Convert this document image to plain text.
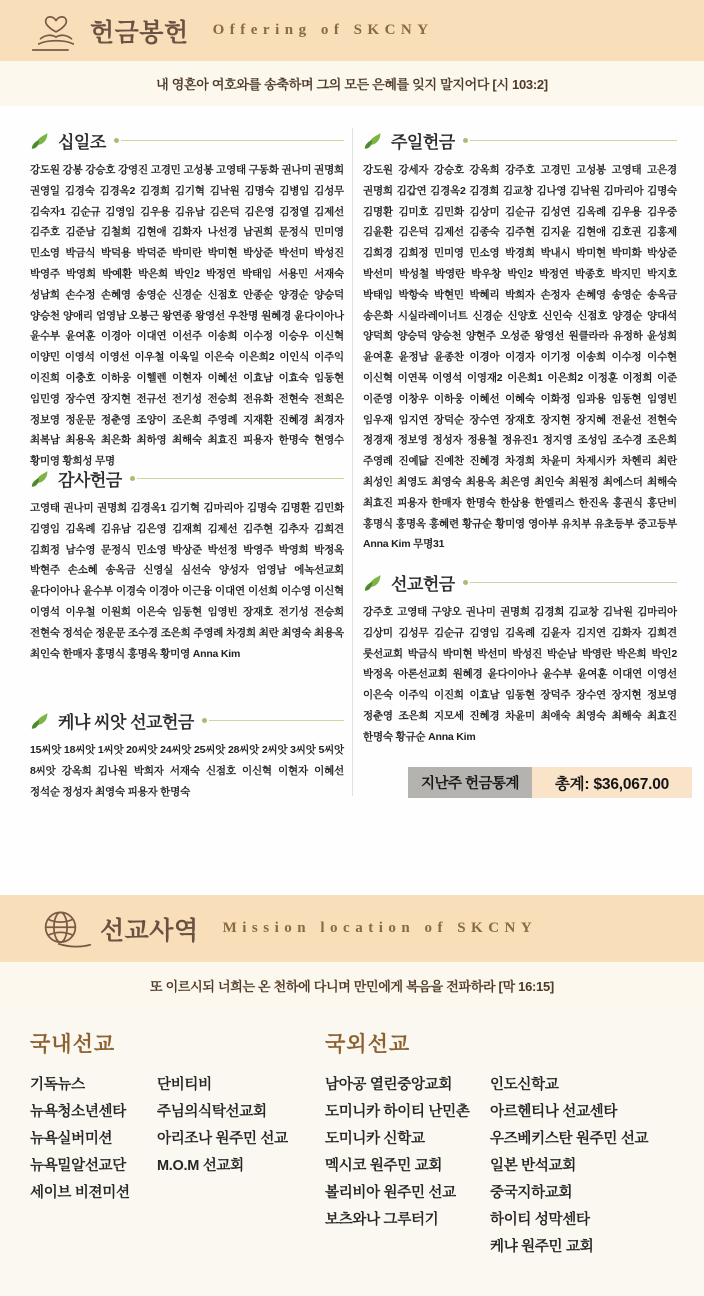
헌금봉헌 Offering of SKCNY
내 영혼아 여호와를 송축하며 그의 모든 은혜를 잊지 말지어다 [시 103:2]
십일조

강도원 강봉 강승호 강영진 고경민 고성봉 고영태 구동화 권나미 권명희 권영일 김경숙 김경옥2 김경희 김기혁 김낙원 김명숙 김병임 김성무 김숙자1 김순규 김영임 김우용 김유남 김은덕 김은영 김정열 김제선 김주호 김준남 김철희 김현애 김화자 나선경 남권희 문정식 민미영 민소영 박금식 박덕용 박덕준 박미란 박미현 박상준 박선미 박성진 박영주 박영희 박예환 박은희 박인2 박정연 박태임 서용민 서재숙 성남희 손수정 손혜영 송영순 신경순 신점호 안종순 양경순 양승덕 양승천 양애리 엄영남 오봉근 왕연종 왕영선 우찬명 원혜경 윤다이아나 윤수부 윤여훈 이경아 이대연 이선주 이송희 이수정 이승우 이신혁 이양민 이영석 이영선 이우철 이욱일 이은숙 이은희2 이인식 이주익 이진희 이충호 이하웅 이헬렌 이현자 이혜선 이효남 이효숙 임동현 임민영 장수연 장지현 전규선 전기성 전승희 전유화 전현숙 전희은 정보영 정운문 정춘영 조양이 조은희 주영례 지재환 진혜경 최경자 최복남 최용옥 최은화 최하영 최해숙 최효진 피용자 한명숙 현영수 황미영 황희성 무명

감사헌금

고영태 권나미 권명희 김경옥1 김기혁 김마리아 김명숙 김명환 김민화 김영임 김옥례 김유남 김은영 김재희 김제선 김주현 김추자 김희견 김희정 남수영 문정식 민소영 박상준 박선정 박영주 박영희 박정옥 박현주 손소혜 송옥금 신영실 심선숙 양성자 엄영남 에녹선교회 윤다이아나 윤수부 이경숙 이경아 이근융 이대연 이선희 이수영 이신혁 이영석 이우철 이원희 이은숙 임동현 임영빈 장재호 전기성 전승희 전현숙 정석순 정운문 조수경 조은희 주영례 차경희 최란 최영숙 최용옥 최인숙 한매자 홍명식 홍명옥 황미영 Anna Kim

케냐 씨앗 선교헌금

15씨앗 18씨앗 1씨앗 20씨앗 24씨앗 25씨앗 28씨앗 2씨앗 3씨앗 5씨앗 8씨앗 강옥희 김나원 박희자 서재숙 신점호 이신혁 이현자 이혜선 정석순 정성자 최영숙 피용자 한명숙

주일헌금

강도원 강세자 강승호 강옥희 강주호 고경민 고성봉 고영태 고은경 권명희 김갑연 김경옥2 김경희 김교창 김나영 김낙원 김마리아 김명숙 김명환 김미호 김민화 김상미 김순규 김성연 김옥례 김우용 김우중 김윤환 김은덕 김제선 김종숙 김주현 김지윤 김현애 김호권 김홍제 김희경 김희정 민미영 민소영 박경희 박내시 박미현 박미화 박상준 박선미 박성철 박영란 박우창 박인2 박정연 박종호 박지민 박지호 박태임 박항숙 박현민 박혜리 박희자 손정자 손혜영 송영순 송옥금 송은화 시실라레이너트 신경순 신양호 신인숙 신점호 양경순 양대석 양덕희 양승덕 양승천 양현주 오성준 왕영선 원클라라 유정하 윤성희 윤여훈 윤정남 윤종찬 이경아 이경자 이기정 이송희 이수정 이수현 이신혁 이연목 이영석 이영재2 이은희1 이은희2 이정훈 이정희 이준 이준영 이창우 이하웅 이혜선 이혜숙 이화정 임과용 임동현 임영빈 임우재 임지연 장덕순 장수연 장재호 장지현 장지혜 전윤선 전현숙 정경재 정보영 정성자 정용철 정유진1 정지영 조성임 조수경 조은희 주영례 진예닮 진예찬 진혜경 차경희 차윤미 차제시카 차헨리 최란 최성인 최영도 최영숙 최용옥 최은영 최인숙 최원정 최에스더 최해숙 최효진 피용자 한매자 한명숙 한삼용 한엘리스 한진옥 홍권식 홍단비 홍명식 홍명옥 홍혜련 황규순 황미영 영아부 유치부 유초등부 중고등부 Anna Kim 무명31

선교헌금

강주호 고영태 구양오 권나미 권명희 김경희 김교창 김낙원 김마리아 김상미 김성무 김순규 김영임 김옥례 김윤자 김지연 김화자 김희견 룻선교회 박금식 박미현 박선미 박성진 박순남 박영란 박은희 박인2 박정옥 아론선교회 원혜경 윤다이아나 윤수부 윤여훈 이대연 이영선 이은숙 이주익 이진희 이효남 임동현 장덕주 장수연 장지현 정보영 정춘영 조은희 지모세 진혜경 차윤미 최애숙 최영숙 최해숙 최효진 한명숙 황규순 Anna Kim

지난주 헌금통계	총계: $36,067.00
선교사역 Mission location of SKCNY
또 이르시되 너희는 온 천하에 다니며 만민에게 복음을 전파하라 [막 16:15]
국내선교
기독뉴스
뉴욕청소년센타
뉴욕실버미션
뉴욕밀알선교단
세이브 비젼미션
단비티비
주님의식탁선교회
아리조나 원주민 선교
M.O.M 선교회
국외선교
남아공 열린중앙교회
도미니카 하이티 난민촌
도미니카 신학교
멕시코 원주민 교회
볼리비아 원주민 선교
보츠와나 그루터기
인도신학교
아르헨티나 선교센타
우즈베키스탄 원주민 선교
일본 반석교회
중국지하교회
하이티 성막센타
케냐 원주민 교회
